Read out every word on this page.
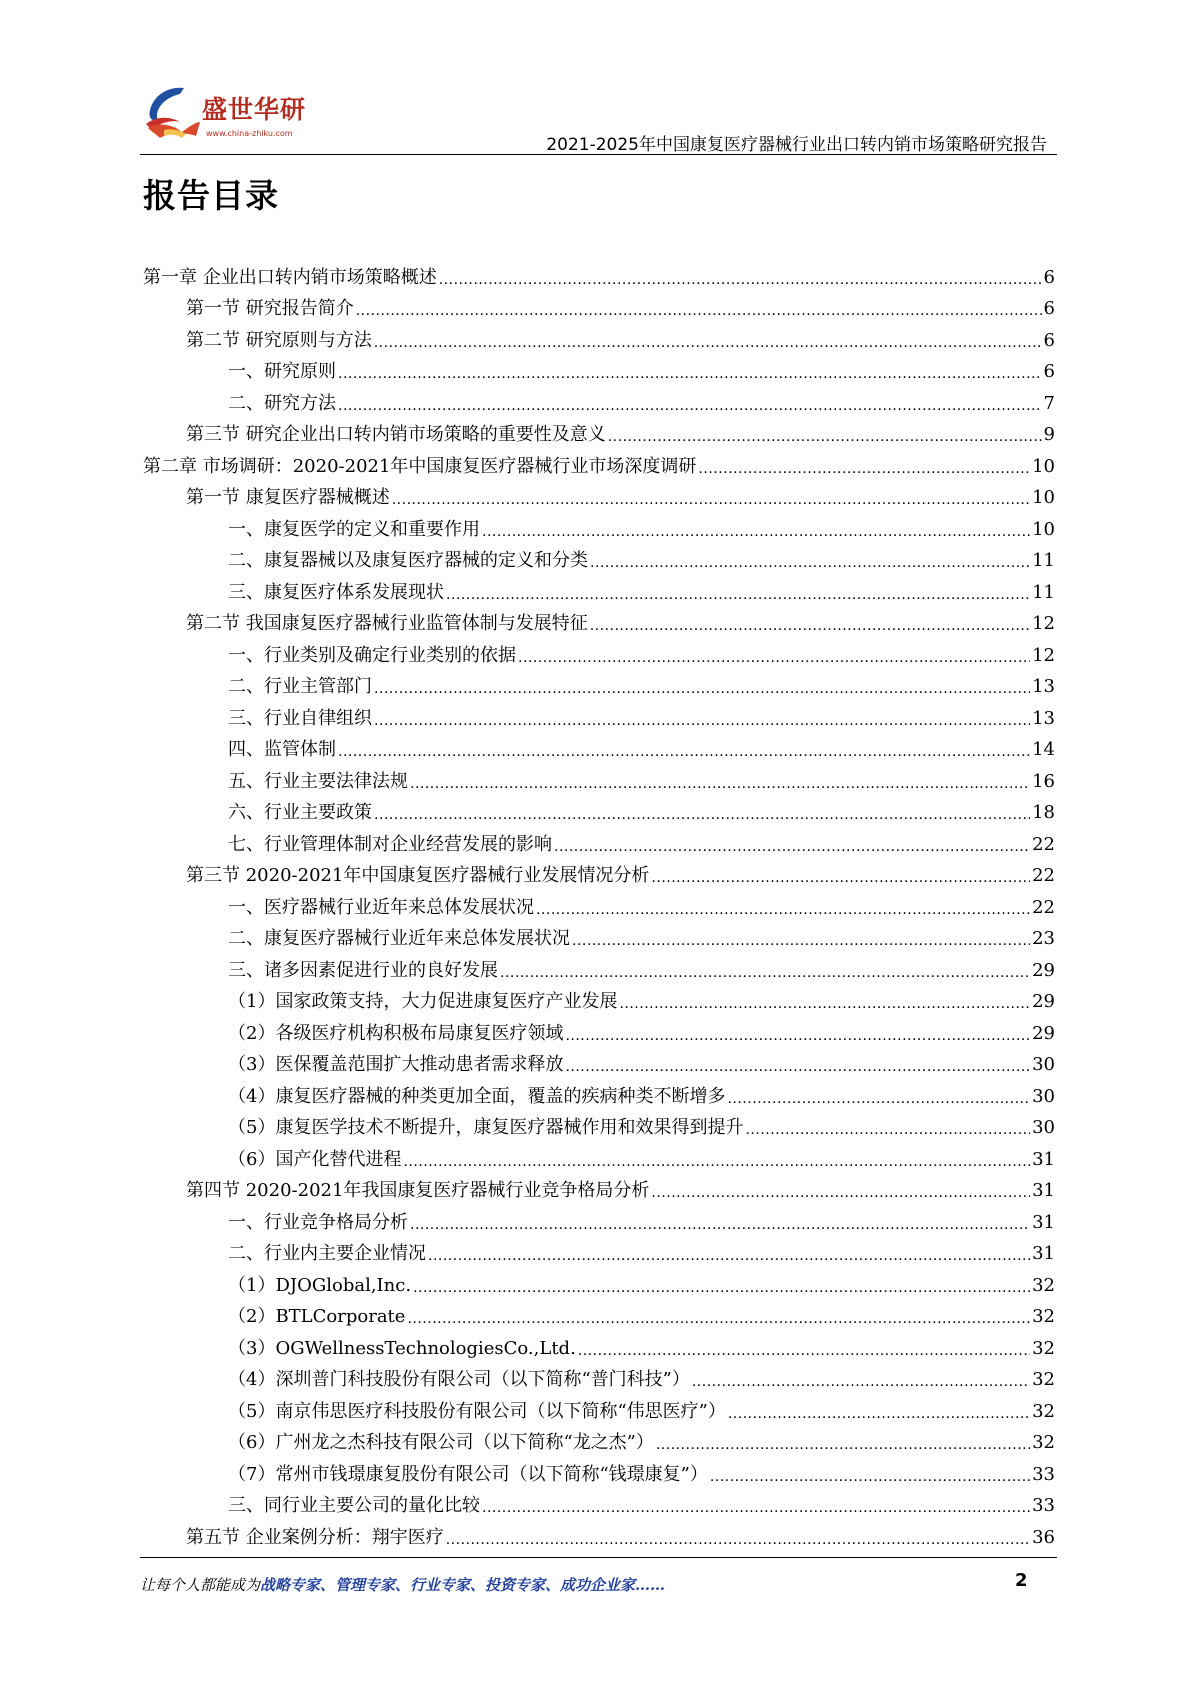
盛世华研
www.china-zhiku.com
2021-2025年中国康复医疗器械行业出口转内销市场策略研究报告
报告目录
第一章 企业出口转内销市场策略概述 .....	6
第一节 研究报告简介 .....	6
第二节 研究原则与方法 .....	6
一、研究原则 .....	6
二、研究方法 .....	7
第三节 研究企业出口转内销市场策略的重要性及意义 .....	9
第二章 市场调研：2020-2021年中国康复医疗器械行业市场深度调研 .....	10
第一节 康复医疗器械概述 .....	10
一、康复医学的定义和重要作用 .....	10
二、康复器械以及康复医疗器械的定义和分类 .....	11
三、康复医疗体系发展现状 .....	11
第二节 我国康复医疗器械行业监管体制与发展特征 .....	12
一、行业类别及确定行业类别的依据 .....	12
二、行业主管部门 .....	13
三、行业自律组织 .....	13
四、监管体制 .....	14
五、行业主要法律法规 .....	16
六、行业主要政策 .....	18
七、行业管理体制对企业经营发展的影响 .....	22
第三节 2020-2021年中国康复医疗器械行业发展情况分析 .....	22
一、医疗器械行业近年来总体发展状况 .....	22
二、康复医疗器械行业近年来总体发展状况 .....	23
三、诸多因素促进行业的良好发展 .....	29
（1）国家政策支持，大力促进康复医疗产业发展 .....	29
（2）各级医疗机构积极布局康复医疗领域 .....	29
（3）医保覆盖范围扩大推动患者需求释放 .....	30
（4）康复医疗器械的种类更加全面，覆盖的疾病种类不断增多 .....	30
（5）康复医学技术不断提升，康复医疗器械作用和效果得到提升 .....	30
（6）国产化替代进程 .....	31
第四节 2020-2021年我国康复医疗器械行业竞争格局分析 .....	31
一、行业竞争格局分析 .....	31
二、行业内主要企业情况 .....	31
（1）DJOGlobal,Inc. .....	32
（2）BTLCorporate .....	32
（3）OGWellnessTechnologiesCo.,Ltd. .....	32
（4）深圳普门科技股份有限公司（以下简称“普门科技”） .....	32
（5）南京伟思医疗科技股份有限公司（以下简称“伟思医疗”） .....	32
（6）广州龙之杰科技有限公司（以下简称“龙之杰”） .....	32
（7）常州市钱璟康复股份有限公司（以下简称“钱璟康复”） .....	33
三、同行业主要公司的量化比较 .....	33
第五节 企业案例分析：翔宇医疗 .....	36
让每个人都能成为战略专家、管理专家、行业专家、投资专家、成功企业家……	2
